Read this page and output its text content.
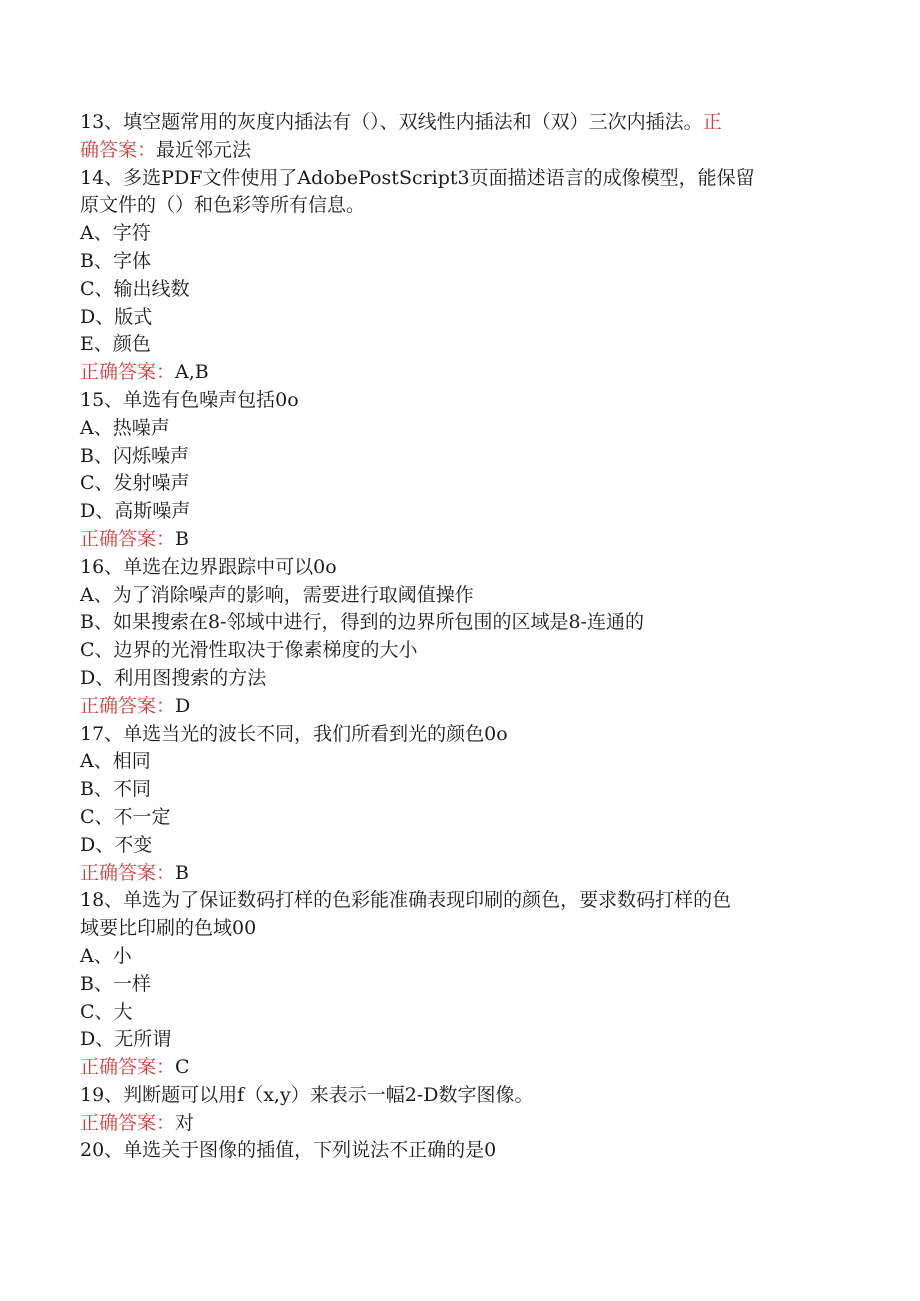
13、填空题常用的灰度内插法有（）、双线性内插法和（双）三次内插法。正
确答案：最近邻元法
14、多选PDF文件使用了AdobePostScript3页面描述语言的成像模型，能保留
原文件的（）和色彩等所有信息。
A、字符
B、字体
C、输出线数
D、版式
E、颜色
正确答案：A,B
15、单选有色噪声包括0o
A、热噪声
B、闪烁噪声
C、发射噪声
D、高斯噪声
正确答案：B
16、单选在边界跟踪中可以0o
A、为了消除噪声的影响，需要进行取阈值操作
B、如果搜索在8-邻域中进行，得到的边界所包围的区域是8-连通的
C、边界的光滑性取决于像素梯度的大小
D、利用图搜索的方法
正确答案：D
17、单选当光的波长不同，我们所看到光的颜色0o
A、相同
B、不同
C、不一定
D、不变
正确答案：B
18、单选为了保证数码打样的色彩能准确表现印刷的颜色，要求数码打样的色
域要比印刷的色域00
A、小
B、一样
C、大
D、无所谓
正确答案：C
19、判断题可以用f（x,y）来表示一幅2-D数字图像。
正确答案：对
20、单选关于图像的插值，下列说法不正确的是0
